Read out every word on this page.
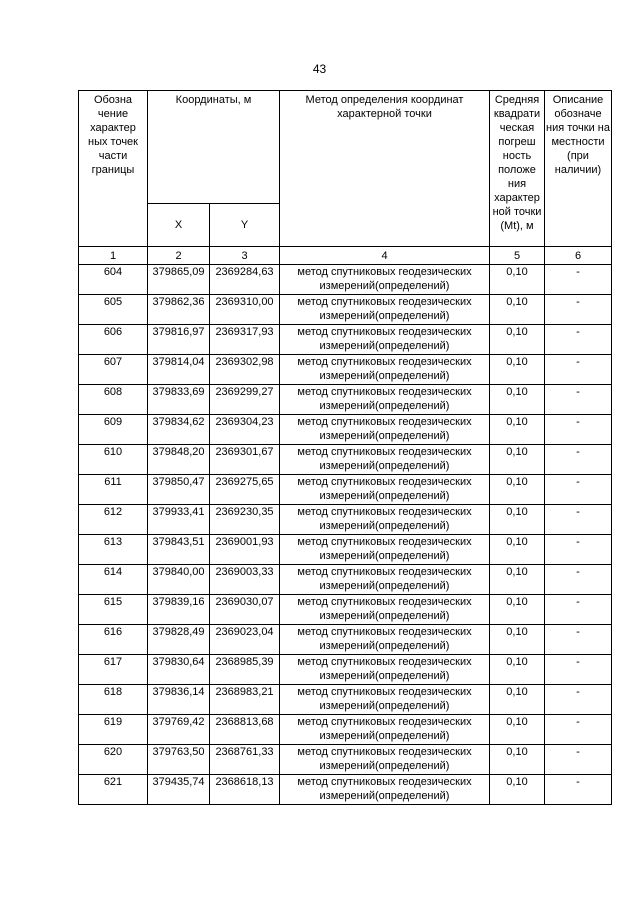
43
Обозна чение характер ных точек части границы	Координаты, м		Метод определения координат характерной точки	Средняя квадрати ческая погреш ность положе ния характер ной точки (Mt), м	Описание обозначе ния точки на местности (при наличии)
	X	Y			
1	2	3	4	5	6
604	379865,09	2369284,63	метод спутниковых геодезических измерений(определений)	0,10	-
605	379862,36	2369310,00	метод спутниковых геодезических измерений(определений)	0,10	-
606	379816,97	2369317,93	метод спутниковых геодезических измерений(определений)	0,10	-
607	379814,04	2369302,98	метод спутниковых геодезических измерений(определений)	0,10	-
608	379833,69	2369299,27	метод спутниковых геодезических измерений(определений)	0,10	-
609	379834,62	2369304,23	метод спутниковых геодезических измерений(определений)	0,10	-
610	379848,20	2369301,67	метод спутниковых геодезических измерений(определений)	0,10	-
611	379850,47	2369275,65	метод спутниковых геодезических измерений(определений)	0,10	-
612	379933,41	2369230,35	метод спутниковых геодезических измерений(определений)	0,10	-
613	379843,51	2369001,93	метод спутниковых геодезических измерений(определений)	0,10	-
614	379840,00	2369003,33	метод спутниковых геодезических измерений(определений)	0,10	-
615	379839,16	2369030,07	метод спутниковых геодезических измерений(определений)	0,10	-
616	379828,49	2369023,04	метод спутниковых геодезических измерений(определений)	0,10	-
617	379830,64	2368985,39	метод спутниковых геодезических измерений(определений)	0,10	-
618	379836,14	2368983,21	метод спутниковых геодезических измерений(определений)	0,10	-
619	379769,42	2368813,68	метод спутниковых геодезических измерений(определений)	0,10	-
620	379763,50	2368761,33	метод спутниковых геодезических измерений(определений)	0,10	-
621	379435,74	2368618,13	метод спутниковых геодезических измерений(определений)	0,10	-
